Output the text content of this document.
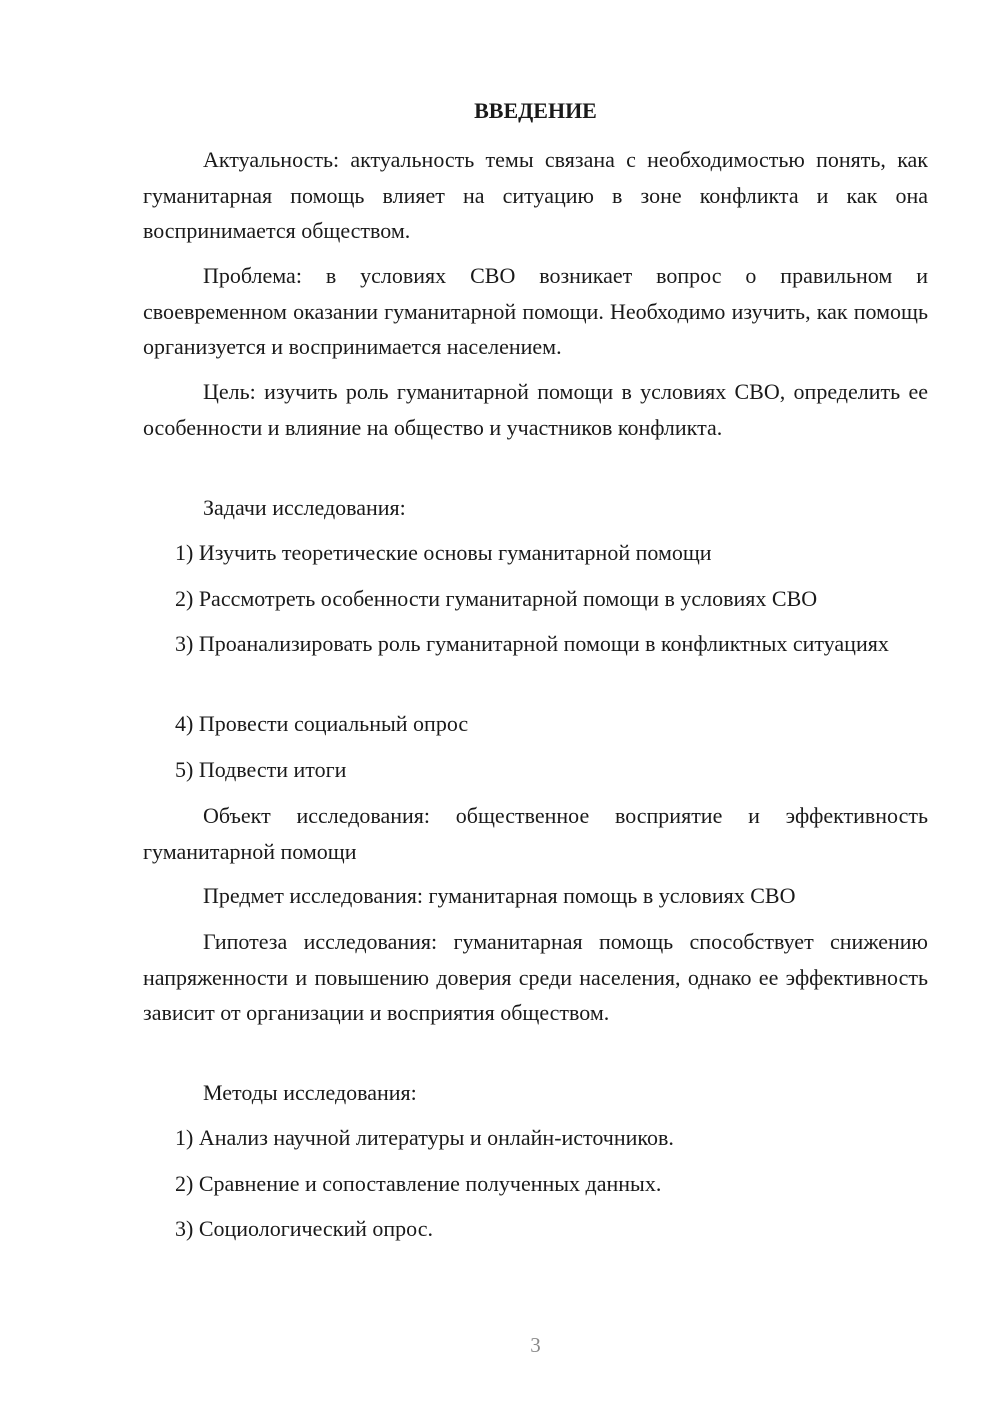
ВВЕДЕНИЕ

Актуальность: актуальность темы связана с необходимостью понять, как гуманитарная помощь влияет на ситуацию в зоне конфликта и как она воспринимается обществом.

Проблема: в условиях СВО возникает вопрос о правильном и своевременном оказании гуманитарной помощи. Необходимо изучить, как помощь организуется и воспринимается населением.

Цель: изучить роль гуманитарной помощи в условиях СВО, определить ее особенности и влияние на общество и участников конфликта.

Задачи исследования:

1) Изучить теоретические основы гуманитарной помощи

2) Рассмотреть особенности гуманитарной помощи в условиях СВО

3) Проанализировать роль гуманитарной помощи в конфликтных ситуациях

4) Провести социальный опрос

5) Подвести итоги

Объект исследования: общественное восприятие и эффективность гуманитарной помощи

Предмет исследования: гуманитарная помощь в условиях СВО

Гипотеза исследования: гуманитарная помощь способствует снижению напряженности и повышению доверия среди населения, однако ее эффективность зависит от организации и восприятия обществом.

Методы исследования:

1) Анализ научной литературы и онлайн-источников.

2) Сравнение и сопоставление полученных данных.

3) Социологический опрос.

3
